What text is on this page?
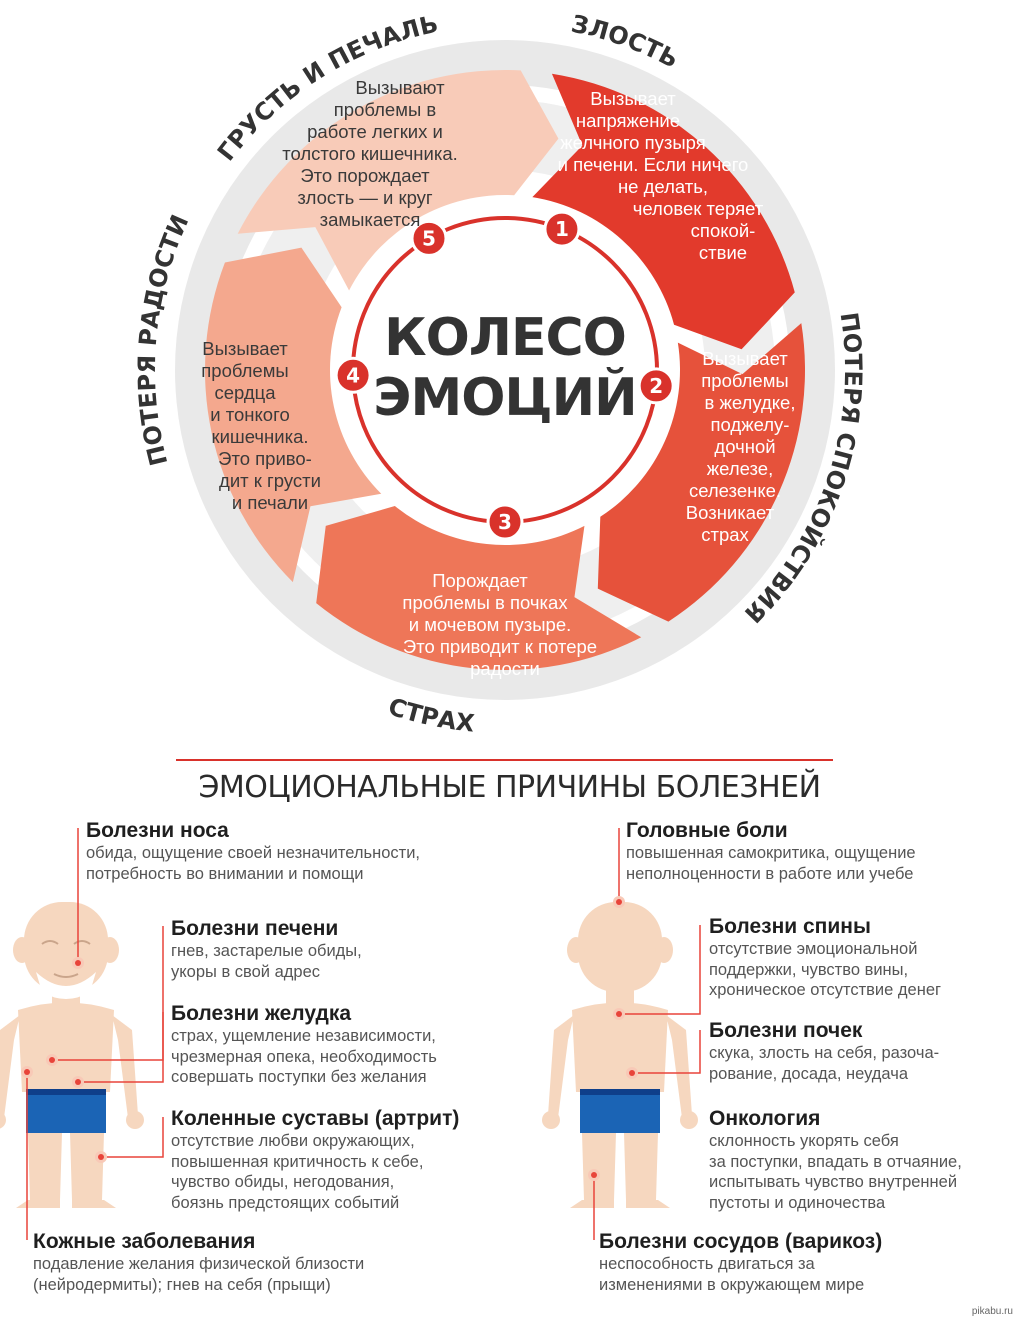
1
2
3
4
5
ЗЛОСТЬ
ПОТЕРЯ СПОКОЙСТВИЯ
СТРАХ
ПОТЕРЯ РАДОСТИ
ГРУСТЬ И ПЕЧАЛЬ
КОЛЕСО
ЭМОЦИЙ
Вызывает
напряжение
желчного пузыря
и печени. Если ничего
не делать,
человек теряет
спокой-
ствие
Вызывает
проблемы
в желудке,
поджелу-
дочной
железе,
селезенке.
Возникает
страх
Порождает
проблемы в почках
и мочевом пузыре.
Это приводит к потере
радости
Вызывает
проблемы
сердца
и тонкого
кишечника.
Это приво-
дит к грусти
и печали
Вызывают
проблемы в
работе легких и
толстого кишечника.
Это порождает
злость — и круг
замыкается
ЭМОЦИОНАЛЬНЫЕ ПРИЧИНЫ БОЛЕЗНЕЙ
Болезни носа
обида, ощущение своей незначительности,
потребность во внимании и помощи
Болезни печени
гнев, застарелые обиды,
укоры в свой адрес
Болезни желудка
страх, ущемление независимости,
чрезмерная опека, необходимость
совершать поступки без желания
Коленные суставы (артрит)
отсутствие любви окружающих,
повышенная критичность к себе,
чувство обиды, негодования,
боязнь предстоящих событий
Кожные заболевания
подавление желания физической близости
(нейродермиты); гнев на себя (прыщи)
Головные боли
повышенная самокритика, ощущение
неполноценности в работе или учебе
Болезни спины
отсутствие эмоциональной
поддержки, чувство вины,
хроническое отсутствие денег
Болезни почек
скука, злость на себя, разоча-
рование, досада, неудача
Онкология
склонность укорять себя
за поступки, впадать в отчаяние,
испытывать чувство внутренней
пустоты и одиночества
Болезни сосудов (варикоз)
неспособность двигаться за
изменениями в окружающем мире
pikabu.ru
